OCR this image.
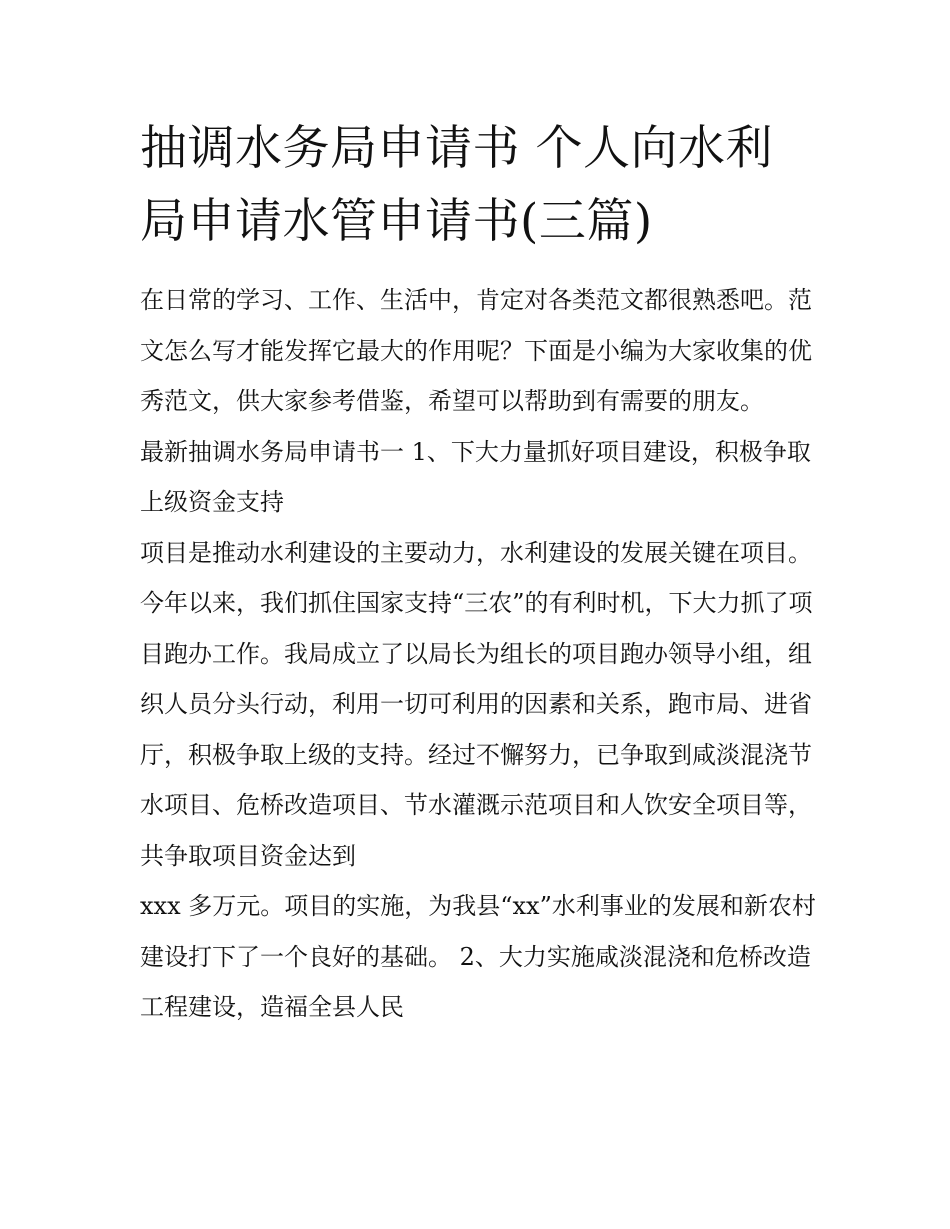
抽调水务局申请书 个人向水利局申请水管申请书(三篇)

在日常的学习、工作、生活中，肯定对各类范文都很熟悉吧。范文怎么写才能发挥它最大的作用呢？下面是小编为大家收集的优秀范文，供大家参考借鉴，希望可以帮助到有需要的朋友。

最新抽调水务局申请书一 1、下大力量抓好项目建设，积极争取上级资金支持

项目是推动水利建设的主要动力，水利建设的发展关键在项目。今年以来，我们抓住国家支持“三农”的有利时机，下大力抓了项目跑办工作。我局成立了以局长为组长的项目跑办领导小组，组织人员分头行动，利用一切可利用的因素和关系，跑市局、进省厅，积极争取上级的支持。经过不懈努力，已争取到咸淡混浇节水项目、危桥改造项目、节水灌溉示范项目和人饮安全项目等，共争取项目资金达到

xxx 多万元。项目的实施，为我县“xx”水利事业的发展和新农村建设打下了一个良好的基础。 2、大力实施咸淡混浇和危桥改造工程建设，造福全县人民
